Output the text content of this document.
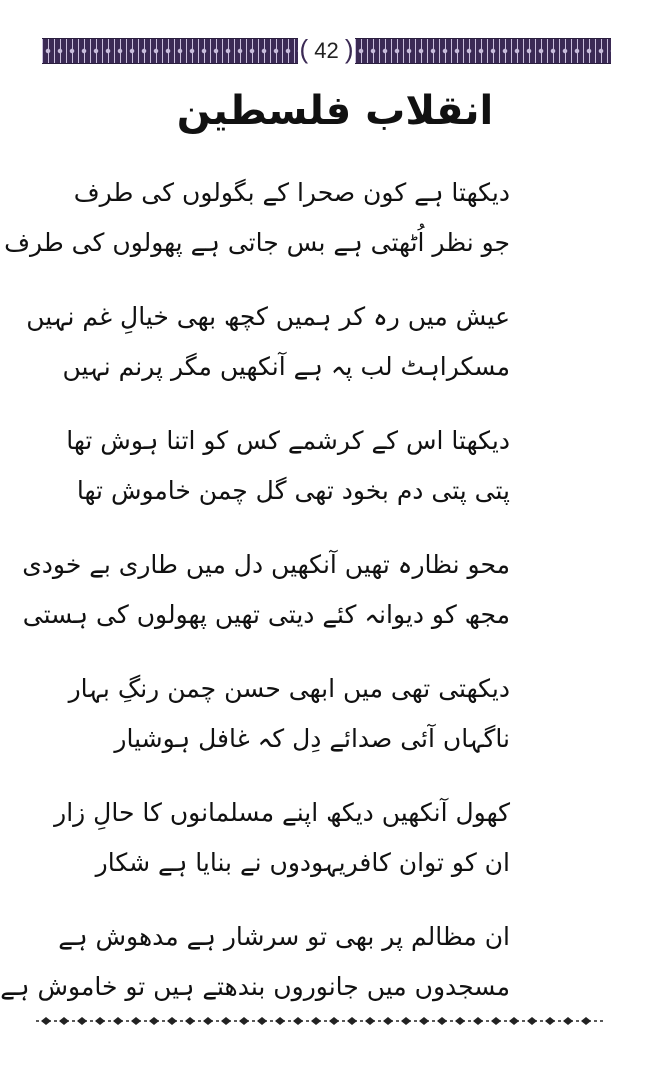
( 42 )
انقلاب فلسطین
دیکھتا ہے کون صحرا کے بگولوں کی طرف
جو نظر اُٹھتی ہے بس جاتی ہے پھولوں کی طرف
عیش میں رہ کر ہمیں کچھ بھی خیالِ غم نہیں
مسکراہٹ لب پہ ہے آنکھیں مگر پرنم نہیں
دیکھتا اس کے کرشمے کس کو اتنا ہوش تھا
پتی پتی دم بخود تھی گل چمن خاموش تھا
محو نظارہ تھیں آنکھیں دل میں طاری بے خودی
مجھ کو دیوانہ کئے دیتی تھیں پھولوں کی ہستی
دیکھتی تھی میں ابھی حسن چمن رنگِ بہار
ناگہاں آئی صدائے دِل کہ غافل ہوشیار
کھول آنکھیں دیکھ اپنے مسلمانوں کا حالِ زار
ان کو توان کافریہودوں نے بنایا ہے شکار
ان مظالم پر بھی تو سرشار ہے مدھوش ہے
مسجدوں میں جانوروں بندھتے ہیں تو خاموش ہے
